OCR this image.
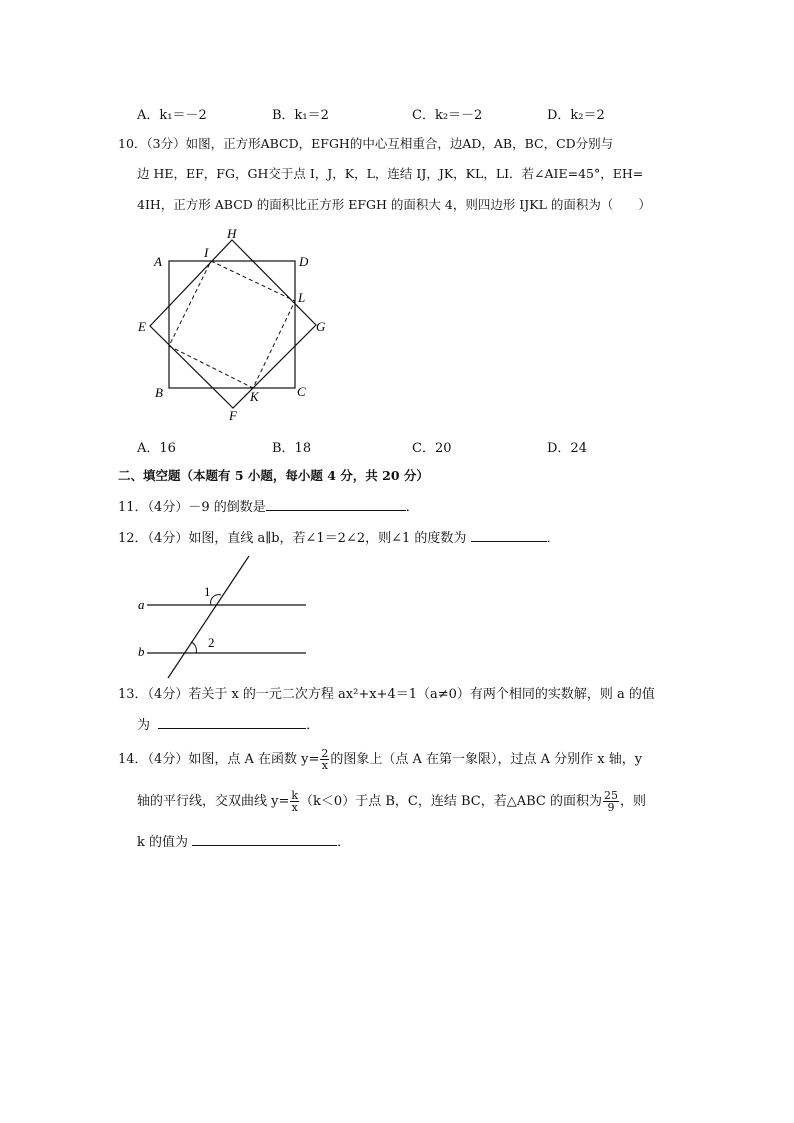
A．k₁＝－2	B．k₁＝2	C．k₂＝－2	D．k₂＝2
10．（3分）如图，正方形ABCD，EFGH的中心互相重合，边AD，AB，BC，CD分别与
边 HE，EF，FG，GH交于点 I，J，K，L，连结 IJ，JK，KL，LI．若∠AIE=45°，EH=
4IH，正方形 ABCD 的面积比正方形 EFGH 的面积大 4，则四边形 IJKL 的面积为（　　）
H
I
A	D
L
E	G
B	C
K
F
A．16	B．18	C．20	D．24
二、填空题（本题有 5 小题，每小题 4 分，共 20 分）
11．（4分）－9 的倒数是	．
12．（4分）如图，直线 a∥b，若∠1＝2∠2，则∠1 的度数为	．
a
b
1
2
13．（4分）若关于 x 的一元二次方程 ax²+x+4＝1（a≠0）有两个相同的实数解，则 a 的值
为	．
14．（4分）如图，点 A 在函数 $y= \frac{2}{x}$ 的图象上（点 A 在第一象限），过点 A 分别作 x 轴，y
轴的平行线，交双曲线 $y= \frac{k}{x} (k<0)$于点 B，C，连结 BC，若△ABC 的面积为 $\frac{25}{9}$ ，则
k 的值为	．
